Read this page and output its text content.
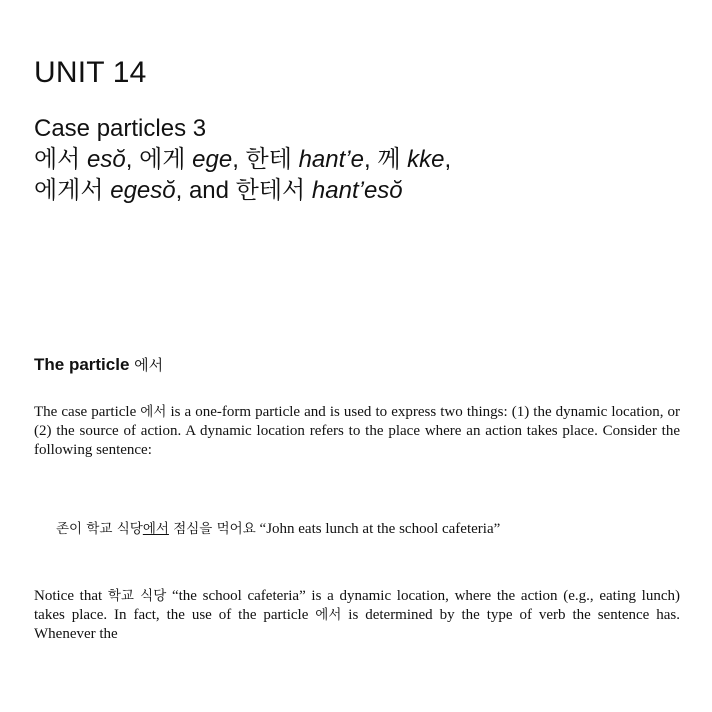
UNIT 14
Case particles 3
에서 esŏ, 에게 ege, 한테 hant’e, 께 kke,
에게서 egesŏ, and 한테서 hant’esŏ
The particle 에서

The case particle 에서 is a one-form particle and is used to express two things: (1) the dynamic location, or (2) the source of action. A dynamic location refers to the place where an action takes place. Consider the following sentence:

존이 학교 식당에서 점심을 먹어요 “John eats lunch at the school cafeteria”

Notice that 학교 식당 “the school cafeteria” is a dynamic location, where the action (e.g., eating lunch) takes place. In fact, the use of the particle 에서 is determined by the type of verb the sentence has. Whenever the
